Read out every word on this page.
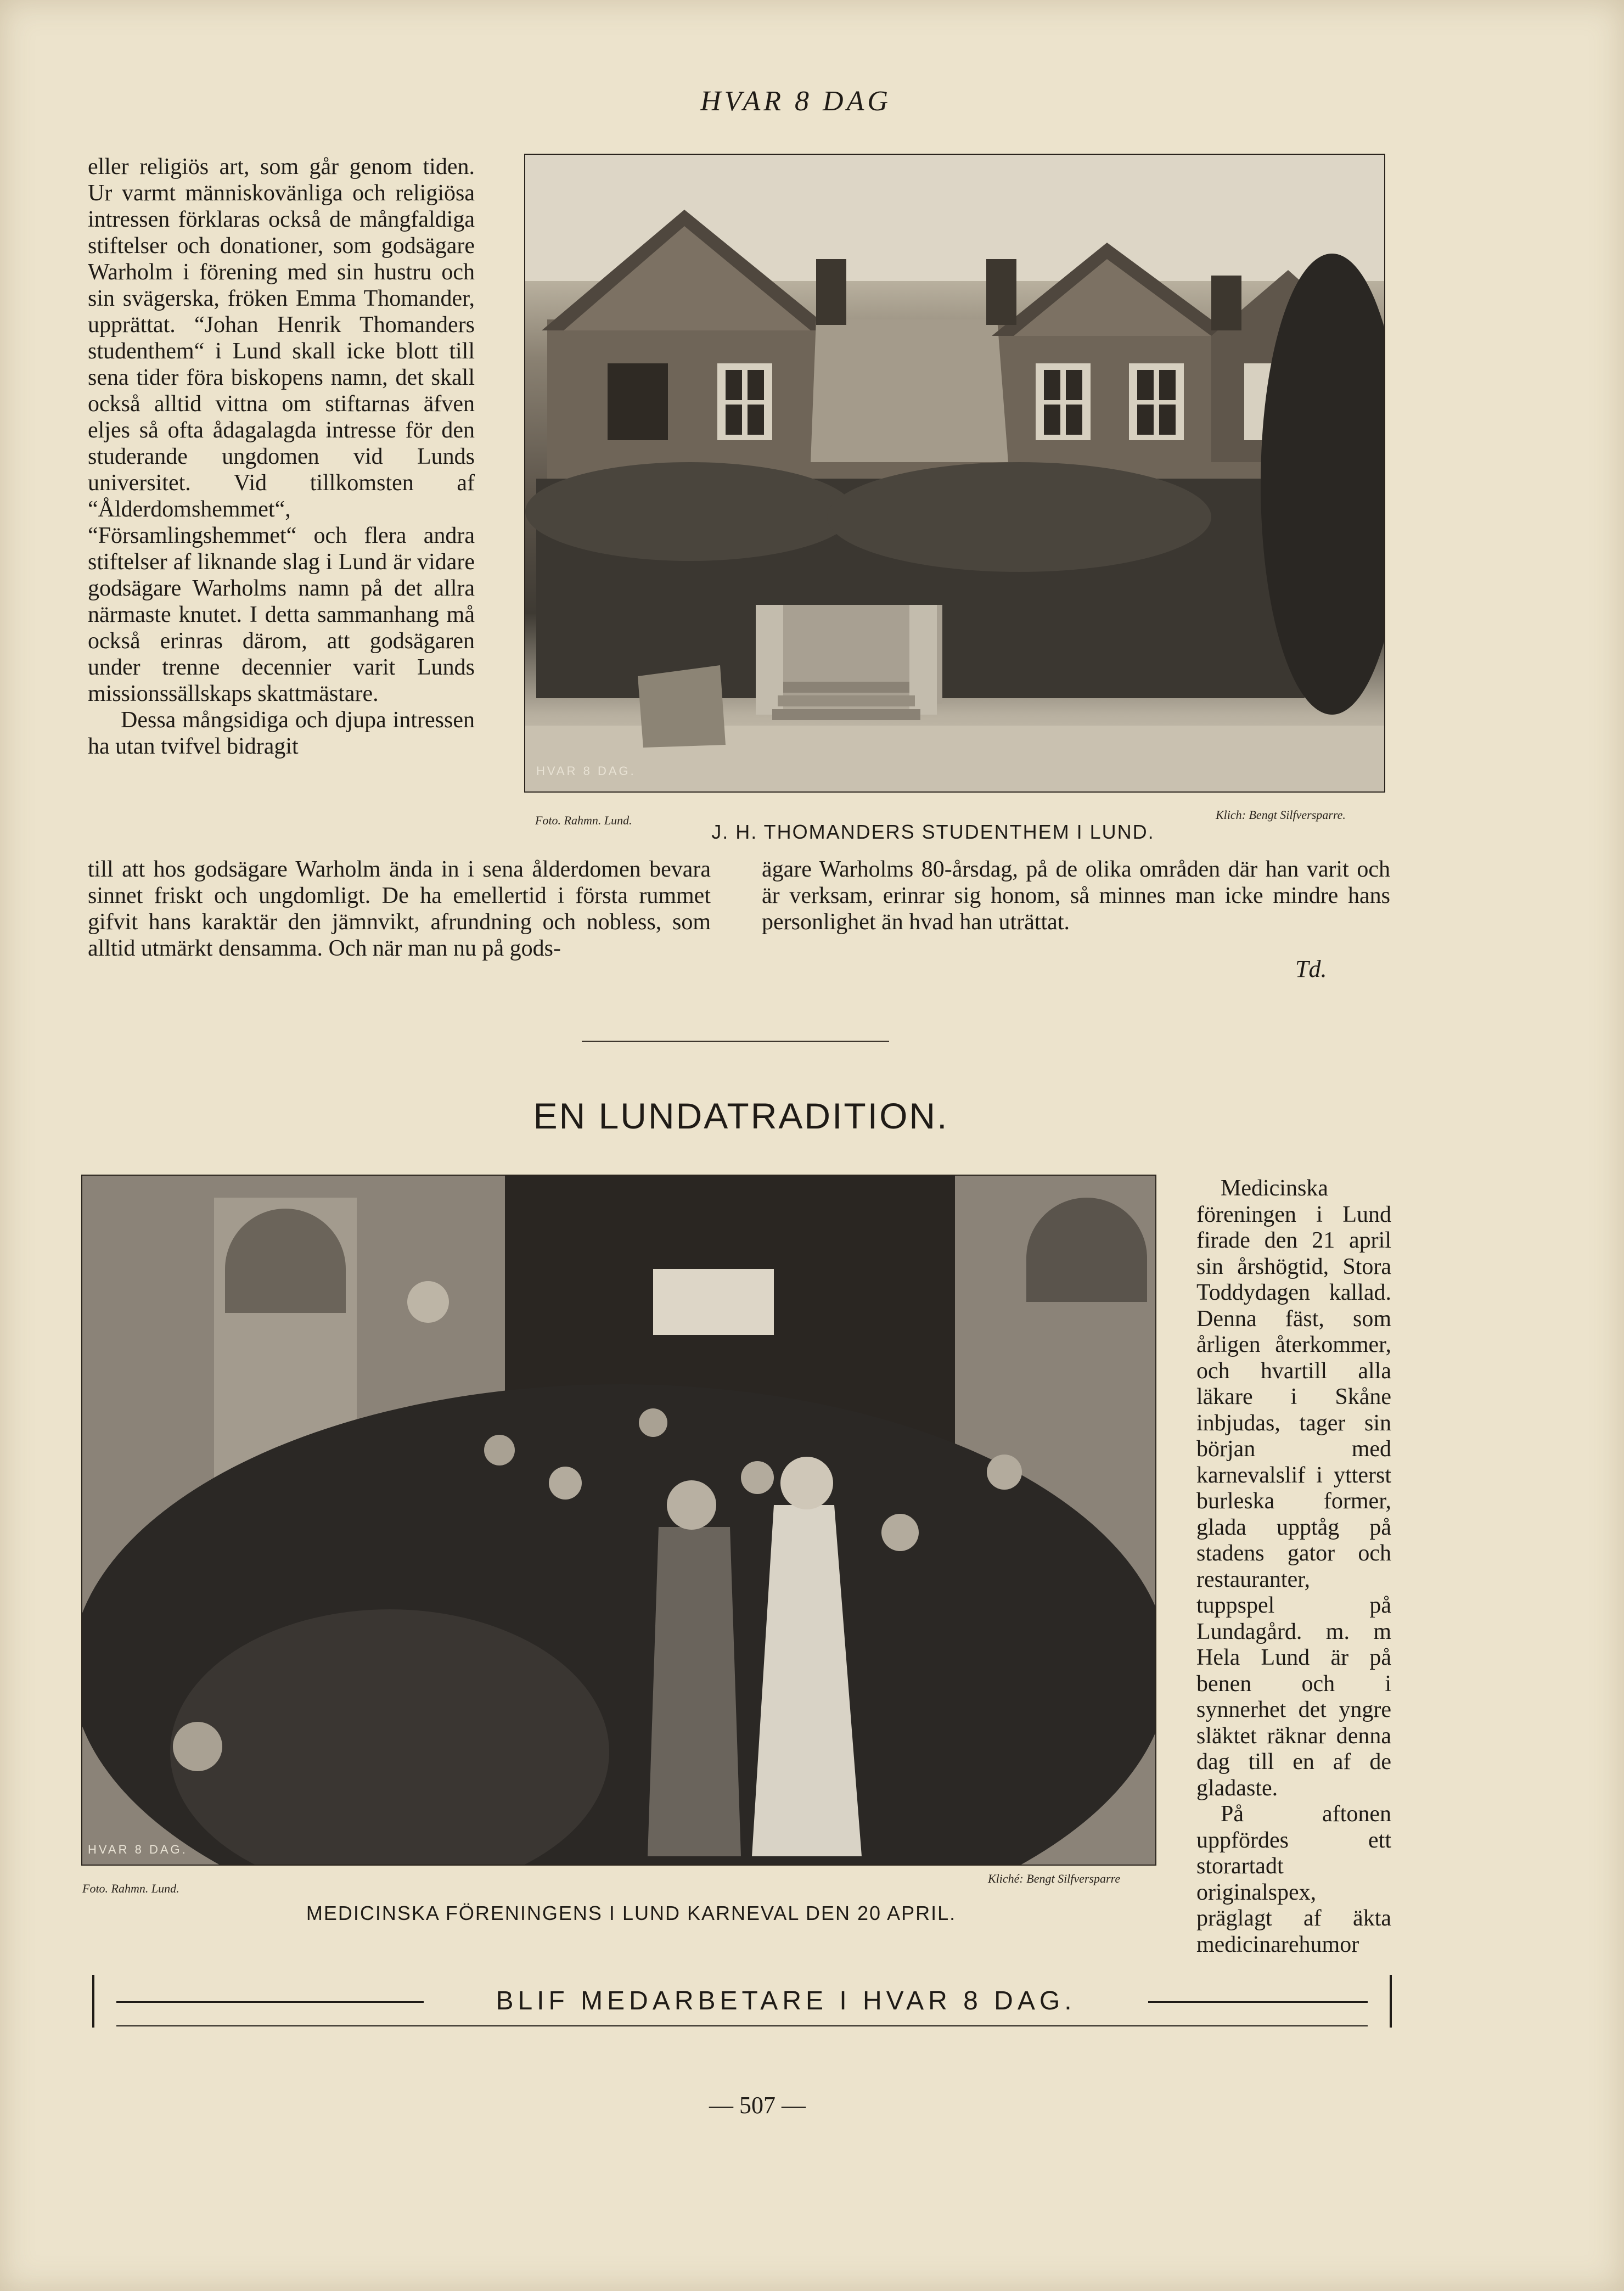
HVAR 8 DAG

eller religiös art, som går genom tiden. Ur varmt människovänliga och religiösa intressen förklaras också de mångfaldiga stiftelser och donationer, som godsägare Warholm i förening med sin hustru och sin svägerska, fröken Emma Thomander, upprättat. “Johan Henrik Thomanders studenthem“ i Lund skall icke blott till sena tider föra biskopens namn, det skall också alltid vittna om stiftarnas äfven eljes så ofta ådagalagda intresse för den studerande ungdomen vid Lunds universitet. Vid tillkomsten af “Ålderdomshemmet“, “Församlingshemmet“ och flera andra stiftelser af liknande slag i Lund är vidare godsägare Warholms namn på det allra närmaste knutet. I detta sammanhang må också erinras därom, att godsägaren under trenne decennier varit Lunds missionssällskaps skattmästare.

Dessa mångsidiga och djupa intressen ha utan tvifvel bidragit

HVAR 8 DAG.
Foto. Rahmn. Lund.	Klich: Bengt Silfversparre.
J. H. THOMANDERS STUDENTHEM I LUND.

till att hos godsägare Warholm ända in i sena ålderdomen bevara sinnet friskt och ungdomligt. De ha emellertid i första rummet gifvit hans karaktär den jämnvikt, afrundning och nobless, som alltid utmärkt densamma. Och när man nu på gods-

ägare Warholms 80-årsdag, på de olika områden där han varit och är verksam, erinrar sig honom, så minnes man icke mindre hans personlighet än hvad han uträttat.

Td.
EN LUNDATRADITION.
HVAR 8 DAG.
Foto. Rahmn. Lund.
Kliché: Bengt Silfversparre
MEDICINSKA FÖRENINGENS I LUND KARNEVAL DEN 20 APRIL.

Medicinska föreningen i Lund firade den 21 april sin årshögtid, Stora Toddydagen kallad. Denna fäst, som årligen återkommer, och hvartill alla läkare i Skåne inbjudas, tager sin början med karnevalslif i ytterst burleska former, glada upptåg på stadens gator och restauranter, tuppspel på Lundagård. m. m Hela Lund är på benen och i synnerhet det yngre släktet räknar denna dag till en af de gladaste.

På aftonen uppfördes ett storartadt originalspex, präglagt af äkta medicinarehumor

BLIF MEDARBETARE I HVAR 8 DAG.
— 507 —
